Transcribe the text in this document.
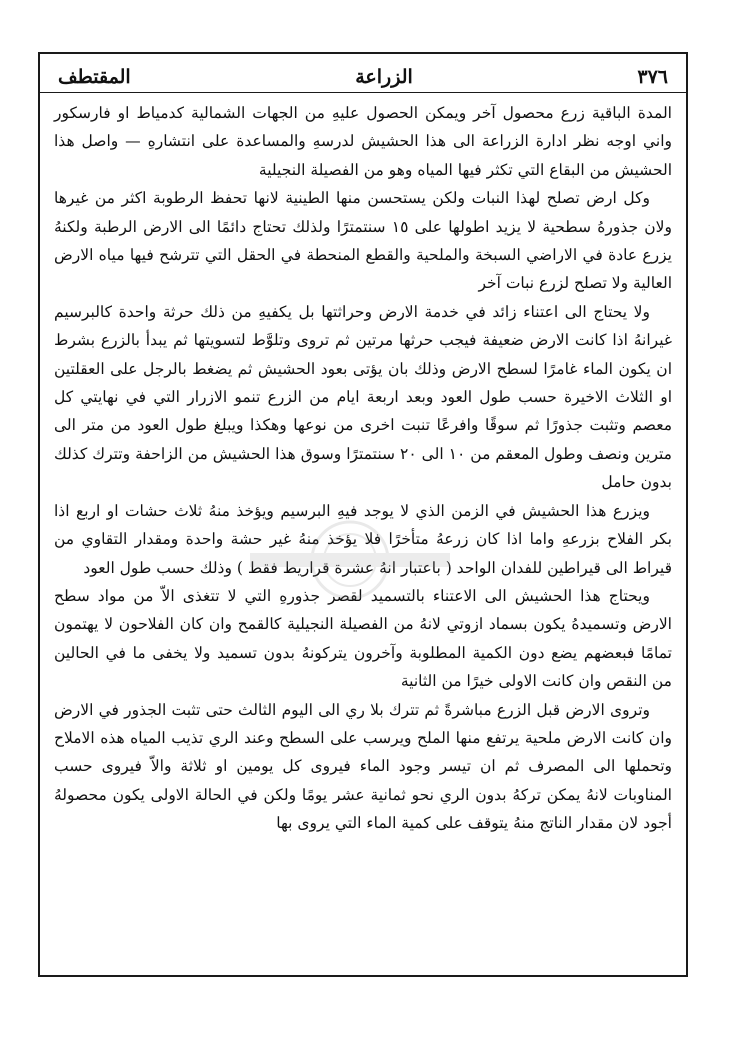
٣٧٦
الزراعة
المقتطف

المدة الباقية زرع محصول آخر ويمكن الحصول عليهِ من الجهات الشمالية كدمياط او فارسكور واني اوجه نظر ادارة الزراعة الى هذا الحشيش لدرسهِ والمساعدة على انتشارهِ — واصل هذا الحشيش من البقاع التي تكثر فيها المياه وهو من الفصيلة النجيلية

وكل ارض تصلح لهذا النبات ولكن يستحسن منها الطينية لانها تحفظ الرطوبة اكثر من غيرها ولان جذورهُ سطحية لا يزيد اطولها على ١٥ سنتمترًا ولذلك تحتاج دائمًا الى الارض الرطبة ولكنهُ يزرع عادة في الاراضي السبخة والملحية والقطع المنحطة في الحقل التي تترشح فيها مياه الارض العالية ولا تصلح لزرع نبات آخر

ولا يحتاج الى اعتناء زائد في خدمة الارض وحراثتها بل يكفيهِ من ذلك حرثة واحدة كالبرسيم غيرانهُ اذا كانت الارض ضعيفة فيجب حرثها مرتين ثم تروى وتلوَّط لتسويتها ثم يبدأ بالزرع بشرط ان يكون الماء غامرًا لسطح الارض وذلك بان يؤتى بعود الحشيش ثم يضغط بالرجل على العقلتين او الثلاث الاخيرة حسب طول العود وبعد اربعة ايام من الزرع تنمو الازرار التي في نهايتي كل معصم وتثبت جذورًا ثم سوقًا وافرعًا تنبت اخرى من نوعها وهكذا ويبلغ طول العود من متر الى مترين ونصف وطول المعقم من ١٠ الى ٢٠ سنتمترًا وسوق هذا الحشيش من الزاحفة وتترك كذلك بدون حامل

ويزرع هذا الحشيش في الزمن الذي لا يوجد فيهِ البرسيم ويؤخذ منهُ ثلاث حشات او اربع اذا بكر الفلاح بزرعهِ واما اذا كان زرعهُ متأخرًا فلا يؤخذ منهُ غير حشة واحدة ومقدار التقاوي من قيراط الى قيراطين للفدان الواحد ( باعتبار انهُ عشرة قراريط فقط ) وذلك حسب طول العود

ويحتاج هذا الحشيش الى الاعتناء بالتسميد لقصر جذورهِ التي لا تتغذى الاّ من مواد سطح الارض وتسميدهُ يكون بسماد ازوتي لانهُ من الفصيلة النجيلية كالقمح وان كان الفلاحون لا يهتمون تمامًا فبعضهم يضع دون الكمية المطلوبة وآخرون يتركونهُ بدون تسميد ولا يخفى ما في الحالين من النقص وان كانت الاولى خيرًا من الثانية

وتروى الارض قبل الزرع مباشرةً ثم تترك بلا ري الى اليوم الثالث حتى تثبت الجذور في الارض وان كانت الارض ملحية يرتفع منها الملح ويرسب على السطح وعند الري تذيب المياه هذه الاملاح وتحملها الى المصرف ثم ان تيسر وجود الماء فيروى كل يومين او ثلاثة والاّ فيروى حسب المناوبات لانهُ يمكن تركهُ بدون الري نحو ثمانية عشر يومًا ولكن في الحالة الاولى يكون محصولهُ أجود لان مقدار الناتج منهُ يتوقف على كمية الماء التي يروى بها
